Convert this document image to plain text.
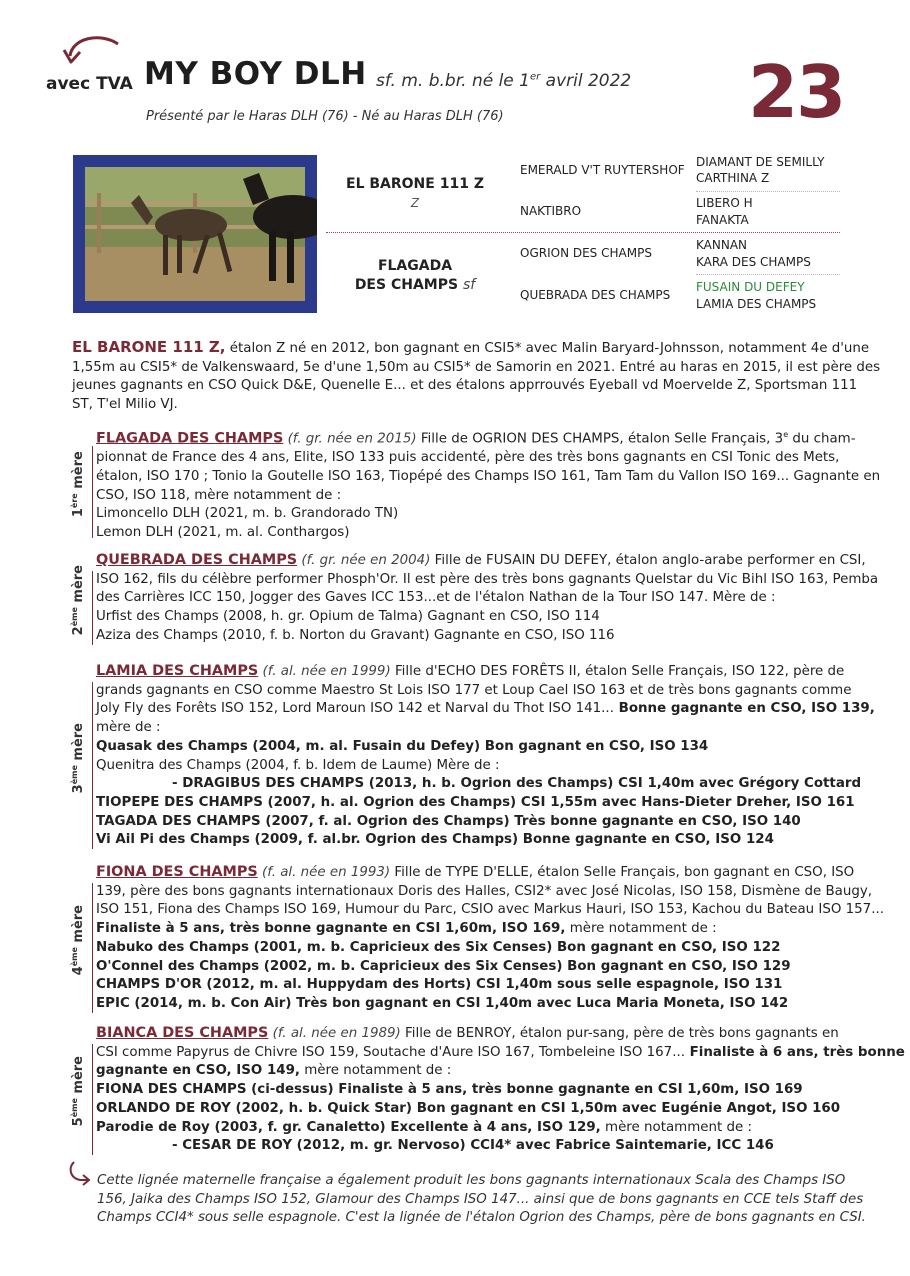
avec TVA MY BOY DLH sf. m. b.br. né le 1er avril 2022 23
Présenté par le Haras DLH (76) - Né au Haras DLH (76)
EL BARONE 111 Z
Z
FLAGADA
DES CHAMPS sf
EMERALD V'T RUYTERSHOF
NAKTIBRO
OGRION DES CHAMPS
QUEBRADA DES CHAMPS
DIAMANT DE SEMILLY
CARTHINA Z
LIBERO H
FANAKTA
KANNAN
KARA DES CHAMPS
FUSAIN DU DEFEY
LAMIA DES CHAMPS
EL BARONE 111 Z, étalon Z né en 2012, bon gagnant en CSI5* avec Malin Baryard-Johnsson, notamment 4e d'une
1,55m au CSI5* de Valkenswaard, 5e d'une 1,50m au CSI5* de Samorin en 2021. Entré au haras en 2015, il est père des
jeunes gagnants en CSO Quick D&E, Quenelle E... et des étalons apprrouvés Eyeball vd Moervelde Z, Sportsman 111
ST, T'el Milio VJ.
FLAGADA DES CHAMPS (f. gr. née en 2015) Fille de OGRION DES CHAMPS, étalon Selle Français, 3e du cham-
pionnat de France des 4 ans, Elite, ISO 133 puis accidenté, père des très bons gagnants en CSI Tonic des Mets,
étalon, ISO 170 ; Tonio la Goutelle ISO 163, Tiopépé des Champs ISO 161, Tam Tam du Vallon ISO 169... Gagnante en
CSO, ISO 118, mère notamment de :
Limoncello DLH (2021, m. b. Grandorado TN)
Lemon DLH (2021, m. al. Conthargos)
1ère mère
QUEBRADA DES CHAMPS (f. gr. née en 2004) Fille de FUSAIN DU DEFEY, étalon anglo-arabe performer en CSI,
ISO 162, fils du célèbre performer Phosph'Or. Il est père des très bons gagnants Quelstar du Vic Bihl ISO 163, Pemba
des Carrières ICC 150, Jogger des Gaves ICC 153...et de l'étalon Nathan de la Tour ISO 147. Mère de :
Urfist des Champs (2008, h. gr. Opium de Talma) Gagnant en CSO, ISO 114
Aziza des Champs (2010, f. b. Norton du Gravant) Gagnante en CSO, ISO 116
2ème mère
LAMIA DES CHAMPS (f. al. née en 1999) Fille d'ECHO DES FORÊTS II, étalon Selle Français, ISO 122, père de
grands gagnants en CSO comme Maestro St Lois ISO 177 et Loup Cael ISO 163 et de très bons gagnants comme
Joly Fly des Forêts ISO 152, Lord Maroun ISO 142 et Narval du Thot ISO 141... Bonne gagnante en CSO, ISO 139,
mère de :
Quasak des Champs (2004, m. al. Fusain du Defey) Bon gagnant en CSO, ISO 134
Quenitra des Champs (2004, f. b. Idem de Laume) Mère de :
- DRAGIBUS DES CHAMPS (2013, h. b. Ogrion des Champs) CSI 1,40m avec Grégory Cottard
TIOPEPE DES CHAMPS (2007, h. al. Ogrion des Champs) CSI 1,55m avec Hans-Dieter Dreher, ISO 161
TAGADA DES CHAMPS (2007, f. al. Ogrion des Champs) Très bonne gagnante en CSO, ISO 140
Vi Ail Pi des Champs (2009, f. al.br. Ogrion des Champs) Bonne gagnante en CSO, ISO 124
3ème mère
FIONA DES CHAMPS (f. al. née en 1993) Fille de TYPE D'ELLE, étalon Selle Français, bon gagnant en CSO, ISO
139, père des bons gagnants internationaux Doris des Halles, CSI2* avec José Nicolas, ISO 158, Dismène de Baugy,
ISO 151, Fiona des Champs ISO 169, Humour du Parc, CSIO avec Markus Hauri, ISO 153, Kachou du Bateau ISO 157...
Finaliste à 5 ans, très bonne gagnante en CSI 1,60m, ISO 169, mère notamment de :
Nabuko des Champs (2001, m. b. Capricieux des Six Censes) Bon gagnant en CSO, ISO 122
O'Connel des Champs (2002, m. b. Capricieux des Six Censes) Bon gagnant en CSO, ISO 129
CHAMPS D'OR (2012, m. al. Huppydam des Horts) CSI 1,40m sous selle espagnole, ISO 131
EPIC (2014, m. b. Con Air) Très bon gagnant en CSI 1,40m avec Luca Maria Moneta, ISO 142
4ème mère
BIANCA DES CHAMPS (f. al. née en 1989) Fille de BENROY, étalon pur-sang, père de très bons gagnants en
CSI comme Papyrus de Chivre ISO 159, Soutache d'Aure ISO 167, Tombeleine ISO 167... Finaliste à 6 ans, très bonne
gagnante en CSO, ISO 149, mère notamment de :
FIONA DES CHAMPS (ci-dessus) Finaliste à 5 ans, très bonne gagnante en CSI 1,60m, ISO 169
ORLANDO DE ROY (2002, h. b. Quick Star) Bon gagnant en CSI 1,50m avec Eugénie Angot, ISO 160
Parodie de Roy (2003, f. gr. Canaletto) Excellente à 4 ans, ISO 129, mère notamment de :
- CESAR DE ROY (2012, m. gr. Nervoso) CCI4* avec Fabrice Saintemarie, ICC 146
5ème mère
Cette lignée maternelle française a également produit les bons gagnants internationaux Scala des Champs ISO
156, Jaika des Champs ISO 152, Glamour des Champs ISO 147... ainsi que de bons gagnants en CCE tels Staff des
Champs CCI4* sous selle espagnole. C'est la lignée de l'étalon Ogrion des Champs, père de bons gagnants en CSI.
